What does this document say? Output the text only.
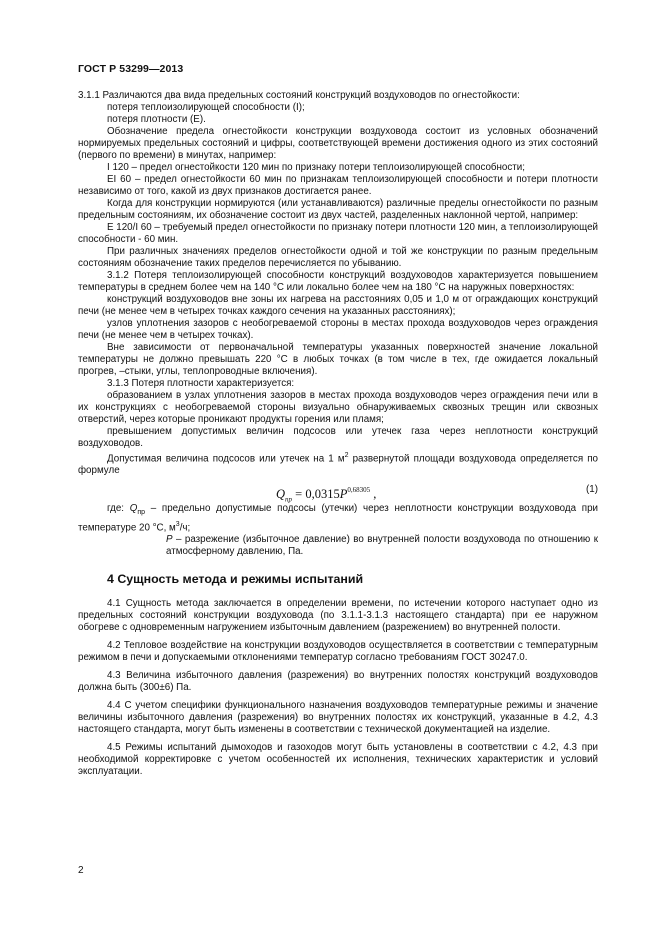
ГОСТ Р 53299—2013

3.1.1 Различаются два вида предельных состояний конструкций воздуховодов по огнестойкости:

потеря теплоизолирующей способности (I);

потеря плотности (Е).

Обозначение предела огнестойкости конструкции воздуховода состоит из условных обозначений нормируемых предельных состояний и цифры, соответствующей времени достижения одного из этих состояний (первого по времени) в минутах, например:

I 120 – предел огнестойкости 120 мин по признаку потери теплоизолирующей способности;

EI 60 – предел огнестойкости 60 мин по признакам теплоизолирующей способности и потери плотности независимо от того, какой из двух признаков достигается ранее.

Когда для конструкции нормируются (или устанавливаются) различные пределы огнестойкости по разным предельным состояниям, их обозначение состоит из двух частей, разделенных наклонной чертой, например:

Е 120/I 60 – требуемый предел огнестойкости по признаку потери плотности 120 мин, а теплоизолирующей способности - 60 мин.

При различных значениях пределов огнестойкости одной и той же конструкции по разным предельным состояниям обозначение таких пределов перечисляется по убыванию.

3.1.2 Потеря теплоизолирующей способности конструкций воздуховодов характеризуется повышением температуры в среднем более чем на 140 °С или локально более чем на 180 °С на наружных поверхностях:

конструкций воздуховодов вне зоны их нагрева на расстояниях 0,05 и 1,0 м от ограждающих конструкций печи (не менее чем в четырех точках каждого сечения на указанных расстояниях);

узлов уплотнения зазоров с необогреваемой стороны в местах прохода воздуховодов через ограждения печи (не менее чем в четырех точках).

Вне зависимости от первоначальной температуры указанных поверхностей значение локальной температуры не должно превышать 220 °С в любых точках (в том числе в тех, где ожидается локальный прогрев, –стыки, углы, теплопроводные включения).

3.1.3 Потеря плотности характеризуется:

образованием в узлах уплотнения зазоров в местах прохода воздуховодов через ограждения печи или в их конструкциях с необогреваемой стороны визуально обнаруживаемых сквозных трещин или сквозных отверстий, через которые проникают продукты горения или пламя;

превышением допустимых величин подсосов или утечек газа через неплотности конструкций воздуховодов.

Допустимая величина подсосов или утечек на 1 $м^2$ развернутой площади воздуховода определяется по формуле

$Q_{пр} = 0,0315P^{0,68305}$ ,	(1)

где: $Q_{пр}$ – предельно допустимые подсосы (утечки) через неплотности конструкции воздуховода при температуре 20 °С, $м^3/ч$;

P – разрежение (избыточное давление) во внутренней полости воздуховода по отношению к атмосферному давлению, Па.

4 Сущность метода и режимы испытаний

4.1 Сущность метода заключается в определении времени, по истечении которого наступает одно из предельных состояний конструкции воздуховода (по 3.1.1-3.1.3 настоящего стандарта) при ее наружном обогреве с одновременным нагружением избыточным давлением (разрежением) во внутренней полости.

4.2 Тепловое воздействие на конструкции воздуховодов осуществляется в соответствии с температурным режимом в печи и допускаемыми отклонениями температур согласно требованиям ГОСТ 30247.0.

4.3 Величина избыточного давления (разрежения) во внутренних полостях конструкций воздуховодов должна быть (300±6) Па.

4.4 С учетом специфики функционального назначения воздуховодов температурные режимы и значение величины избыточного давления (разрежения) во внутренних полостях их конструкций, указанные в 4.2, 4.3 настоящего стандарта, могут быть изменены в соответствии с технической документацией на изделие.

4.5 Режимы испытаний дымоходов и газоходов могут быть установлены в соответствии с 4.2, 4.3 при необходимой корректировке с учетом особенностей их исполнения, технических характеристик и условий эксплуатации.

2
